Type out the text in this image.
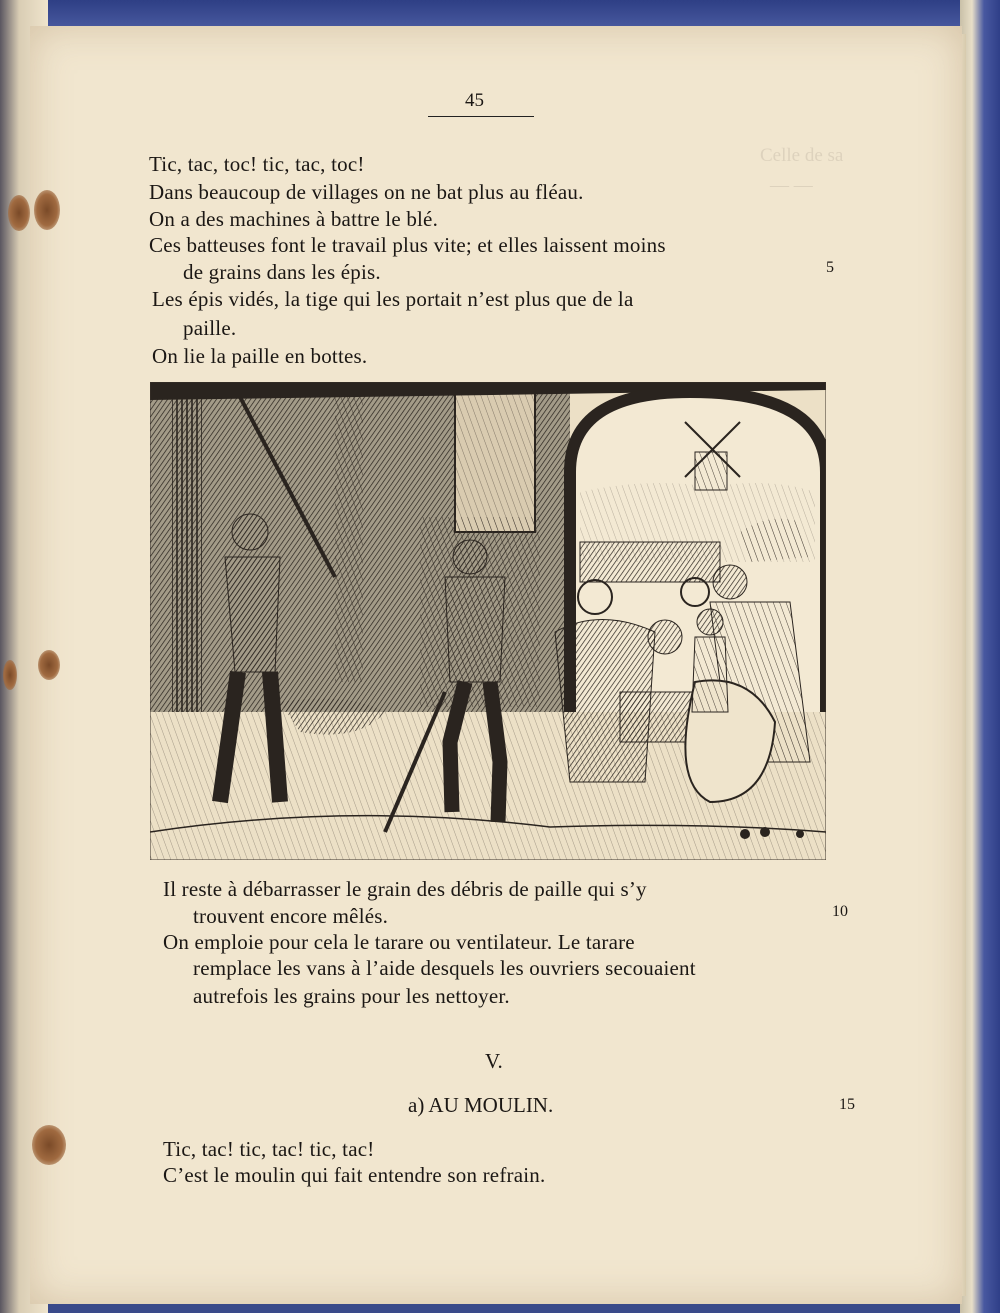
Celle de sa
— —
45
Tic, tac, toc! tic, tac, toc!
Dans beaucoup de villages on ne bat plus au fléau.
On a des machines à battre le blé.
Ces batteuses font le travail plus vite; et elles laissent moins
de grains dans les épis.	5
Les épis vidés, la tige qui les portait n’est plus que de la
paille.
On lie la paille en bottes.
Il reste à débarrasser le grain des débris de paille qui s’y
trouvent encore mêlés.	10
On emploie pour cela le tarare ou ventilateur. Le tarare
remplace les vans à l’aide desquels les ouvriers secouaient
autrefois les grains pour les nettoyer.
V.
a) AU MOULIN.	15
Tic, tac! tic, tac! tic, tac!
C’est le moulin qui fait entendre son refrain.
